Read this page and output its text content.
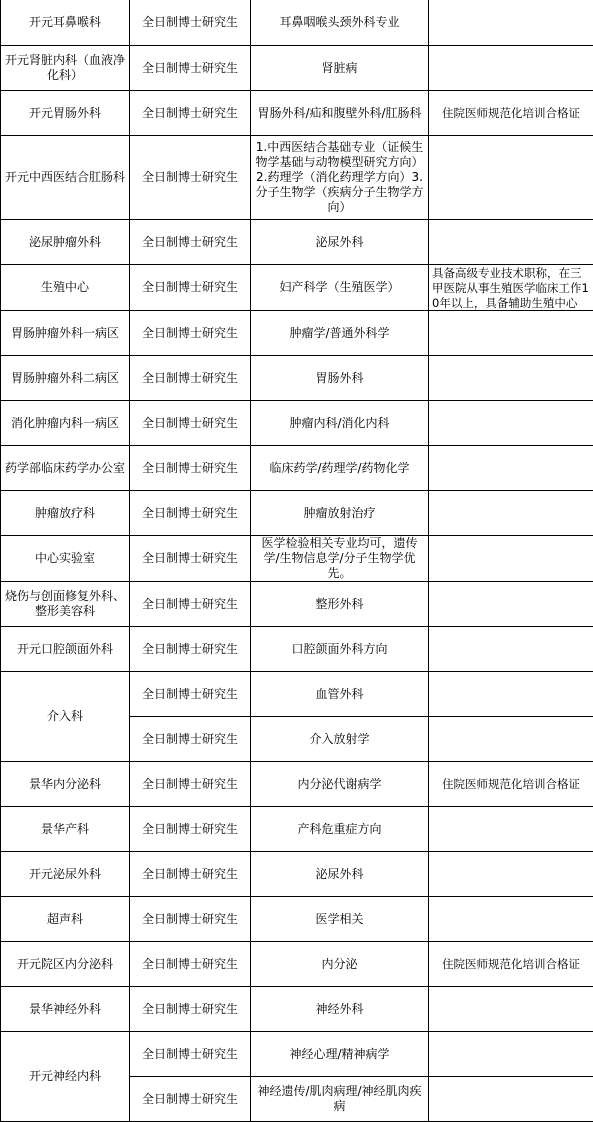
开元耳鼻喉科	全日制博士研究生	耳鼻咽喉头颈外科专业	
开元肾脏内科（血液净化科）	全日制博士研究生	肾脏病	
开元胃肠外科	全日制博士研究生	胃肠外科/疝和腹壁外科/肛肠科	住院医师规范化培训合格证
开元中西医结合肛肠科	全日制博士研究生	1.中西医结合基础专业（证候生物学基础与动物模型研究方向）2.药理学（消化药理学方向）3.分子生物学（疾病分子生物学方向）	
泌尿肿瘤外科	全日制博士研究生	泌尿外科	
生殖中心	全日制博士研究生	妇产科学（生殖医学）	具备高级专业技术职称，在三甲医院从事生殖医学临床工作10年以上，具备辅助生殖中心

胃肠肿瘤外科一病区	全日制博士研究生	肿瘤学/普通外科学	
胃肠肿瘤外科二病区	全日制博士研究生	胃肠外科	
消化肿瘤内科一病区	全日制博士研究生	肿瘤内科/消化内科	
药学部临床药学办公室	全日制博士研究生	临床药学/药理学/药物化学	
肿瘤放疗科	全日制博士研究生	肿瘤放射治疗	
中心实验室	全日制博士研究生	医学检验相关专业均可，遗传学/生物信息学/分子生物学优先。	
烧伤与创面修复外科、整形美容科	全日制博士研究生	整形外科	
开元口腔颌面外科	全日制博士研究生	口腔颌面外科方向	
介入科	全日制博士研究生	血管外科	
	全日制博士研究生	介入放射学	
景华内分泌科	全日制博士研究生	内分泌代谢病学	住院医师规范化培训合格证
景华产科	全日制博士研究生	产科危重症方向	
开元泌尿外科	全日制博士研究生	泌尿外科	
超声科	全日制博士研究生	医学相关	
开元院区内分泌科	全日制博士研究生	内分泌	住院医师规范化培训合格证
景华神经外科	全日制博士研究生	神经外科	
开元神经内科	全日制博士研究生	神经心理/精神病学	
	全日制博士研究生	神经遗传/肌肉病理/神经肌肉疾病	
